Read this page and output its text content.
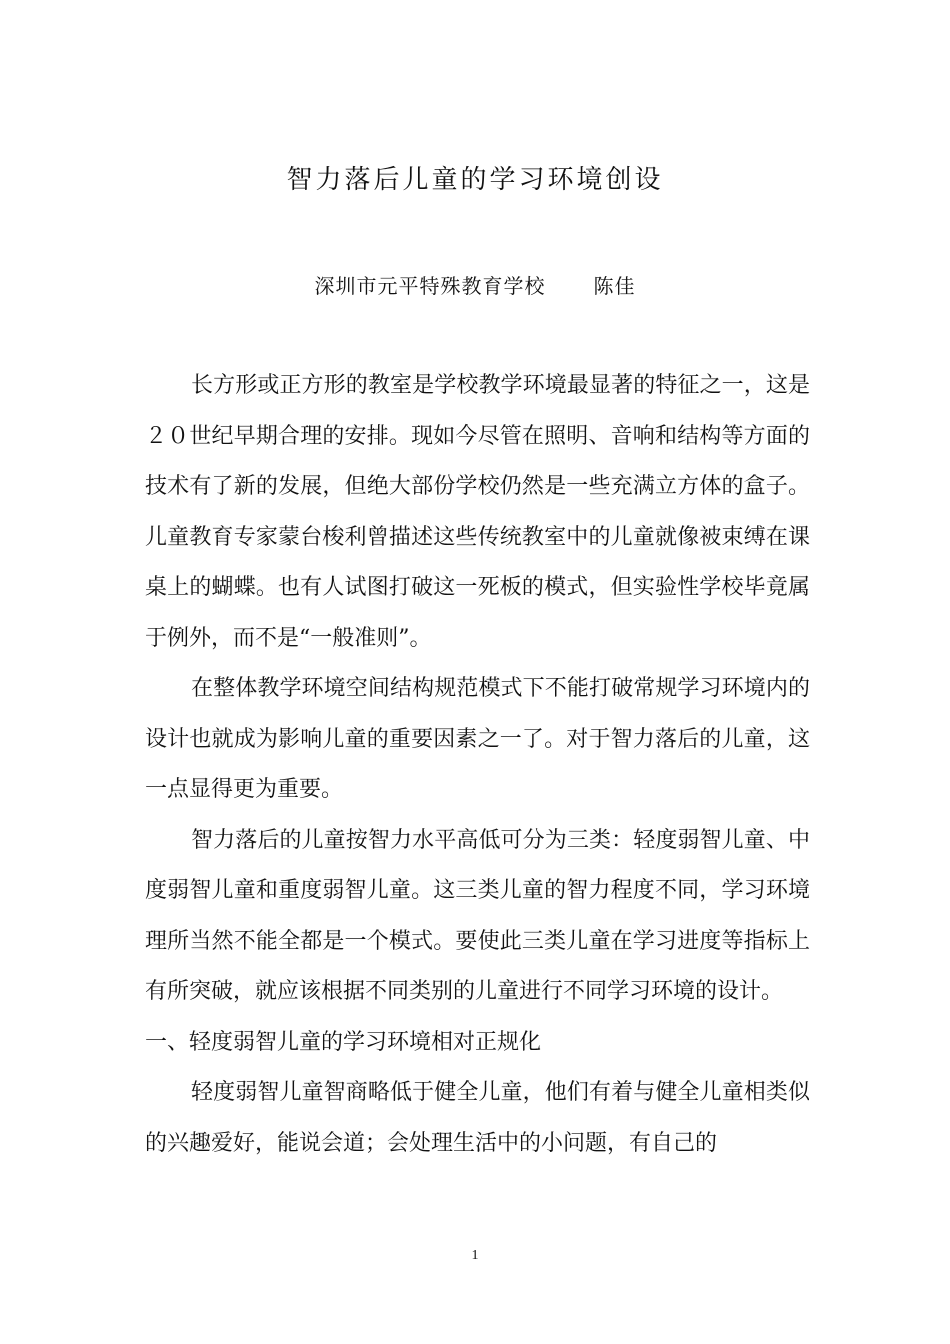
智力落后儿童的学习环境创设
深圳市元平特殊教育学校 陈佳

长方形或正方形的教室是学校教学环境最显著的特征之一，这是２０世纪早期合理的安排。现如今尽管在照明、音响和结构等方面的技术有了新的发展，但绝大部份学校仍然是一些充满立方体的盒子。儿童教育专家蒙台梭利曾描述这些传统教室中的儿童就像被束缚在课桌上的蝴蝶。也有人试图打破这一死板的模式，但实验性学校毕竟属于例外，而不是“一般准则”。

在整体教学环境空间结构规范模式下不能打破常规学习环境内的设计也就成为影响儿童的重要因素之一了。对于智力落后的儿童，这一点显得更为重要。

智力落后的儿童按智力水平高低可分为三类：轻度弱智儿童、中度弱智儿童和重度弱智儿童。这三类儿童的智力程度不同，学习环境理所当然不能全都是一个模式。要使此三类儿童在学习进度等指标上有所突破，就应该根据不同类别的儿童进行不同学习环境的设计。

一、轻度弱智儿童的学习环境相对正规化

轻度弱智儿童智商略低于健全儿童，他们有着与健全儿童相类似的兴趣爱好，能说会道；会处理生活中的小问题，有自己的

1
